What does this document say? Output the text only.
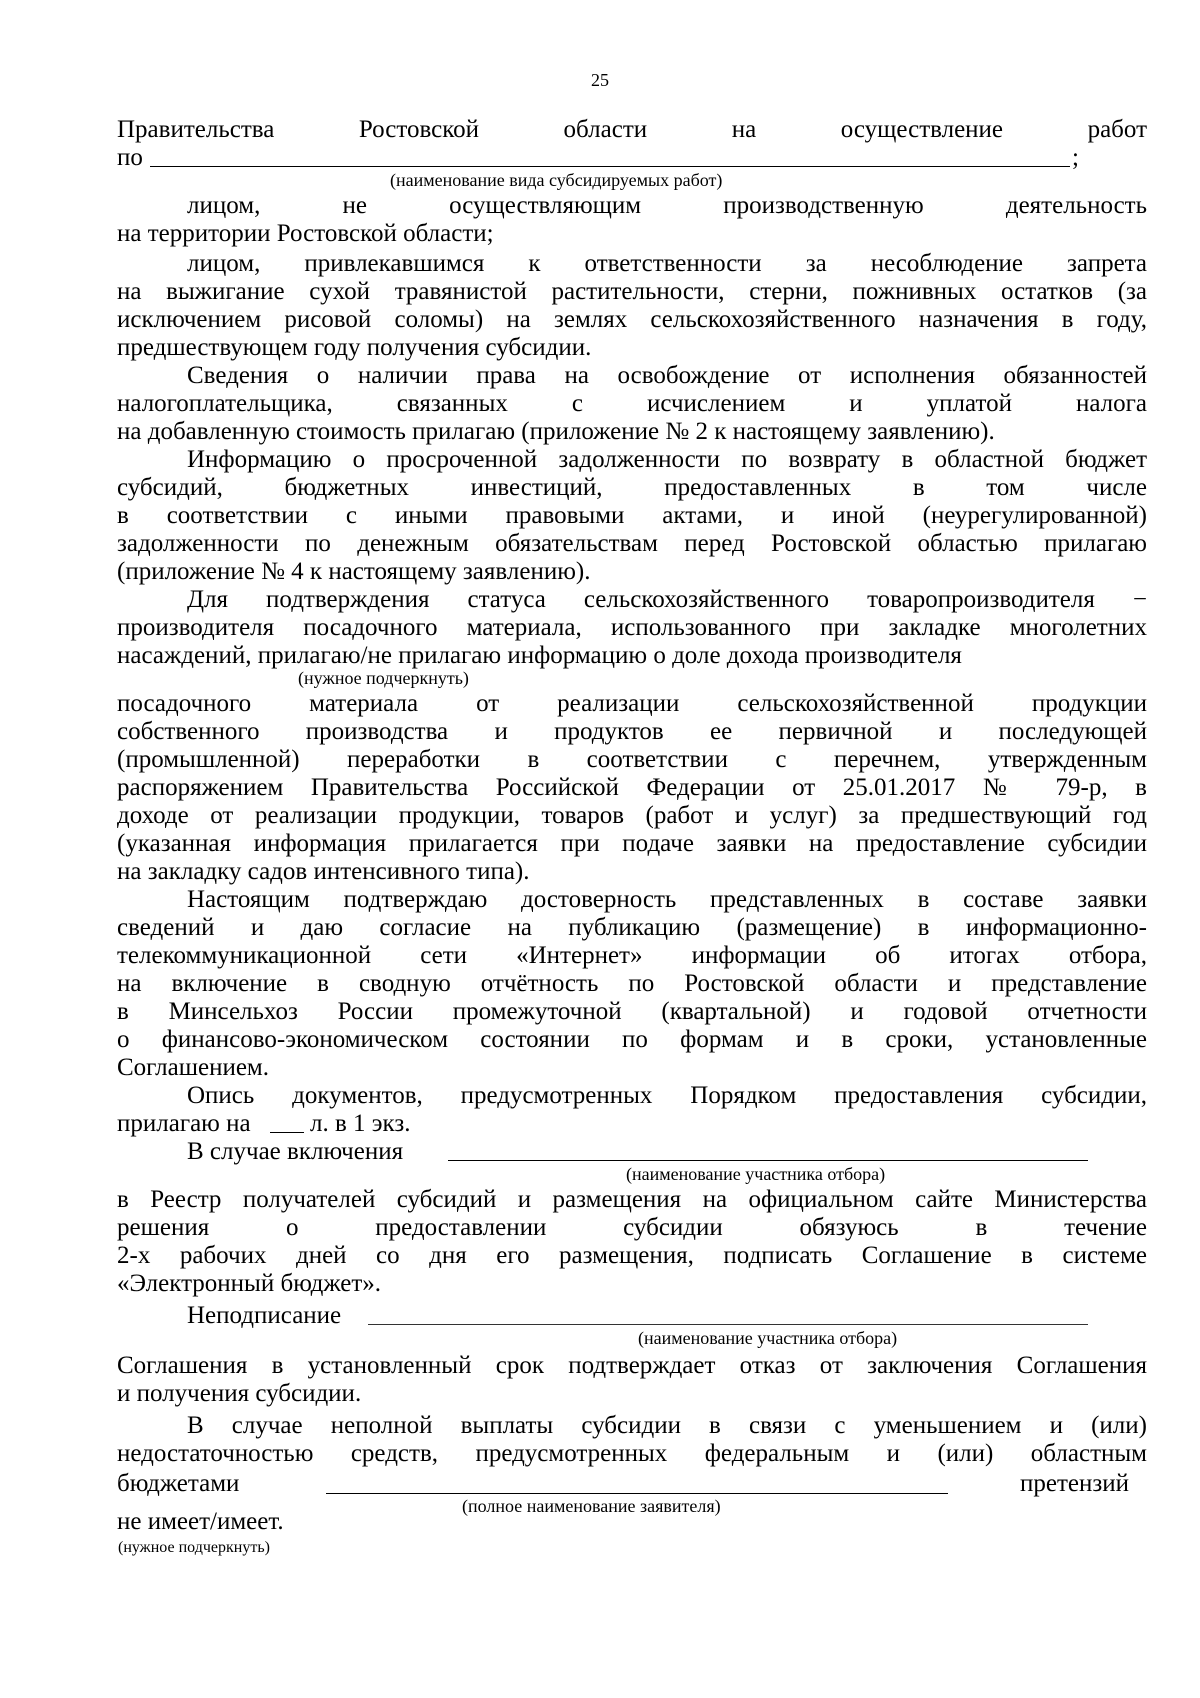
25
Правительства Ростовской области на осуществление работ
по	;
(наименование вида субсидируемых работ)
лицом, не осуществляющим производственную деятельность
на территории Ростовской области;
лицом, привлекавшимся к ответственности за несоблюдение запрета
на выжигание сухой травянистой растительности, стерни, пожнивных остатков (за
исключением рисовой соломы) на землях сельскохозяйственного назначения в году,
предшествующем году получения субсидии.
Сведения о наличии права на освобождение от исполнения обязанностей
налогоплательщика, связанных с исчислением и уплатой налога
на добавленную стоимость прилагаю (приложение № 2 к настоящему заявлению).
Информацию о просроченной задолженности по возврату в областной бюджет
субсидий, бюджетных инвестиций, предоставленных в том числе
в соответствии с иными правовыми актами, и иной (неурегулированной)
задолженности по денежным обязательствам перед Ростовской областью прилагаю
(приложение № 4 к настоящему заявлению).
Для подтверждения статуса сельскохозяйственного товаропроизводителя −
производителя посадочного материала, использованного при закладке многолетних
насаждений, прилагаю/не прилагаю информацию о доле дохода производителя
(нужное подчеркнуть)
посадочного материала от реализации сельскохозяйственной продукции
собственного производства и продуктов ее первичной и последующей
(промышленной) переработки в соответствии с перечнем, утвержденным
распоряжением Правительства Российской Федерации от 25.01.2017 № 79-р, в
доходе от реализации продукции, товаров (работ и услуг) за предшествующий год
(указанная информация прилагается при подаче заявки на предоставление субсидии
на закладку садов интенсивного типа).
Настоящим подтверждаю достоверность представленных в составе заявки
сведений и даю согласие на публикацию (размещение) в информационно-
телекоммуникационной сети «Интернет» информации об итогах отбора,
на включение в сводную отчётность по Ростовской области и представление
в Минсельхоз России промежуточной (квартальной) и годовой отчетности
о финансово-экономическом состоянии по формам и в сроки, установленные
Соглашением.
Опись документов, предусмотренных Порядком предоставления субсидии,
прилагаю на л. в 1 экз.
В случае включения
(наименование участника отбора)
в Реестр получателей субсидий и размещения на официальном сайте Министерства
решения о предоставлении субсидии обязуюсь в течение
2-х рабочих дней со дня его размещения, подписать Соглашение в системе
«Электронный бюджет».
Неподписание
(наименование участника отбора)
Соглашения в установленный срок подтверждает отказ от заключения Соглашения
и получения субсидии.
В случае неполной выплаты субсидии в связи с уменьшением и (или)
недостаточностью средств, предусмотренных федеральным и (или) областным
бюджетами	претензий
(полное наименование заявителя)
не имеет/имеет.
(нужное подчеркнуть)
